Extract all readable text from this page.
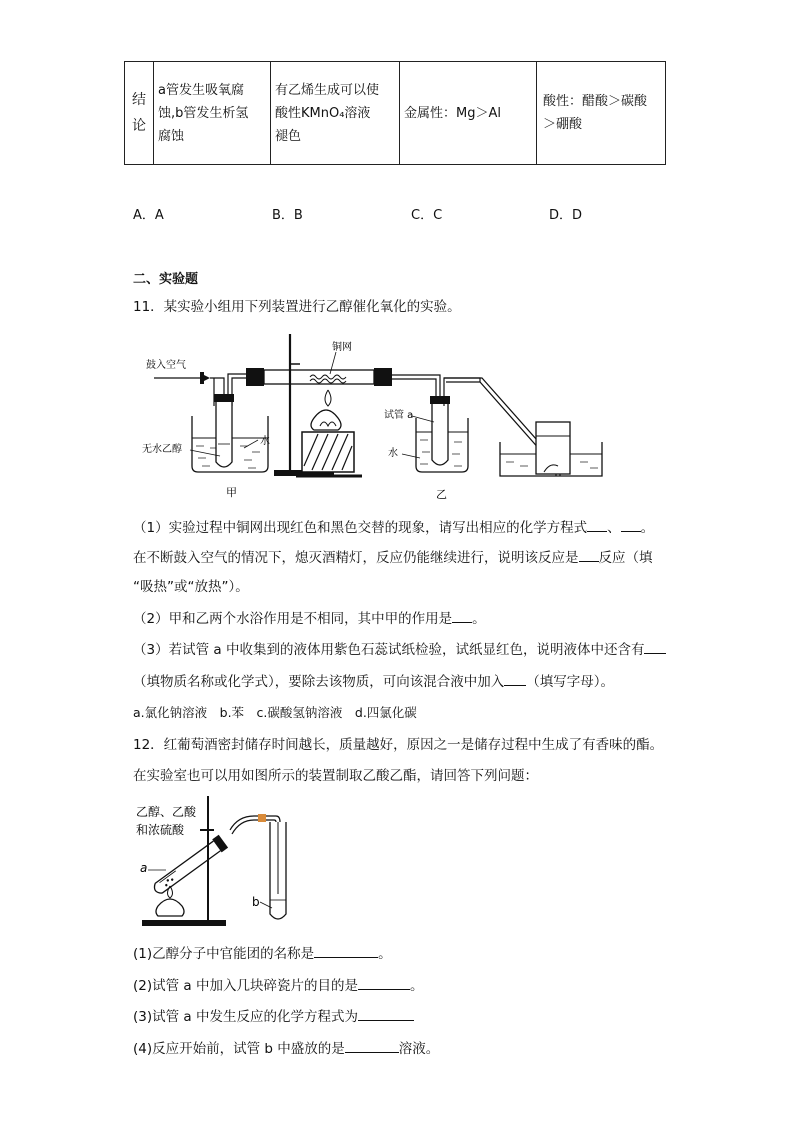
结论

a管发生吸氧腐
蚀,b管发生析氢
腐蚀

有乙烯生成可以使
酸性KMnO₄溶液
褪色

金属性：Mg＞Al

酸性：醋酸＞碳酸
＞硼酸
A．A	B．B	C．C	D．D
二、实验题
11．某实验小组用下列装置进行乙醇催化氧化的实验。
鼓入空气
无水乙醇
水
甲
铜网
试管 a
水
乙
（1）实验过程中铜网出现红色和黑色交替的现象，请写出相应的化学方程式 、 。
在不断鼓入空气的情况下，熄灭酒精灯，反应仍能继续进行，说明该反应是 反应（填
“吸热”或“放热”）。
（2）甲和乙两个水浴作用是不相同，其中甲的作用是 。
（3）若试管 a 中收集到的液体用紫色石蕊试纸检验，试纸显红色，说明液体中还含有
（填物质名称或化学式），要除去该物质，可向该混合液中加入 （填写字母）。
a.氯化钠溶液　b.苯　c.碳酸氢钠溶液　d.四氯化碳
12．红葡萄酒密封储存时间越长，质量越好，原因之一是储存过程中生成了有香味的酯。
在实验室也可以用如图所示的装置制取乙酸乙酯，请回答下列问题：
乙醇、乙酸
和浓硫酸
b
a
(1)乙醇分子中官能团的名称是	。
(2)试管 a 中加入几块碎瓷片的目的是	。
(3)试管 a 中发生反应的化学方程式为
(4)反应开始前，试管 b 中盛放的是	溶液。
